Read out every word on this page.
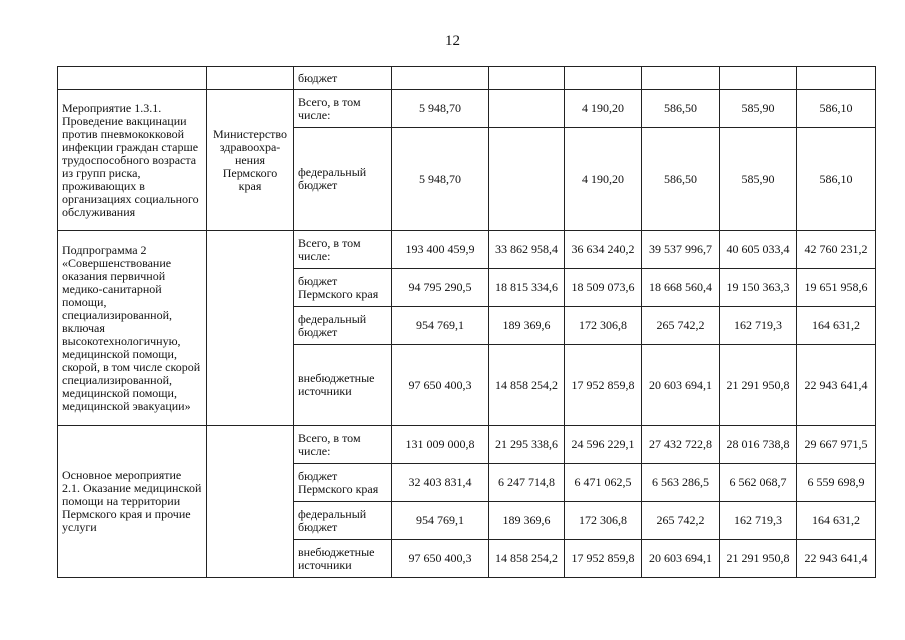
12
		бюджет						
Мероприятие 1.3.1. Проведение вакцинации против пневмококковой инфекции граждан старше трудоспособного возраста из групп риска, проживающих в организациях социального обслуживания	Министерство здравоохра-нения Пермского края	Всего, в том числе:	5 948,70		4 190,20	586,50	585,90	586,10
		федеральный бюджет	5 948,70		4 190,20	586,50	585,90	586,10
Подпрограмма 2 «Совершенствование оказания первичной медико-санитарной помощи, специализированной, включая высокотехнологичную, медицинской помощи, скорой, в том числе скорой специализированной, медицинской помощи, медицинской эвакуации»		Всего, в том числе:	193 400 459,9	33 862 958,4	36 634 240,2	39 537 996,7	40 605 033,4	42 760 231,2
		бюджет Пермского края	94 795 290,5	18 815 334,6	18 509 073,6	18 668 560,4	19 150 363,3	19 651 958,6
		федеральный бюджет	954 769,1	189 369,6	172 306,8	265 742,2	162 719,3	164 631,2
		внебюджетные источники	97 650 400,3	14 858 254,2	17 952 859,8	20 603 694,1	21 291 950,8	22 943 641,4
Основное мероприятие 2.1. Оказание медицинской помощи на территории Пермского края и прочие услуги		Всего, в том числе:	131 009 000,8	21 295 338,6	24 596 229,1	27 432 722,8	28 016 738,8	29 667 971,5
		бюджет Пермского края	32 403 831,4	6 247 714,8	6 471 062,5	6 563 286,5	6 562 068,7	6 559 698,9
		федеральный бюджет	954 769,1	189 369,6	172 306,8	265 742,2	162 719,3	164 631,2
		внебюджетные источники	97 650 400,3	14 858 254,2	17 952 859,8	20 603 694,1	21 291 950,8	22 943 641,4
